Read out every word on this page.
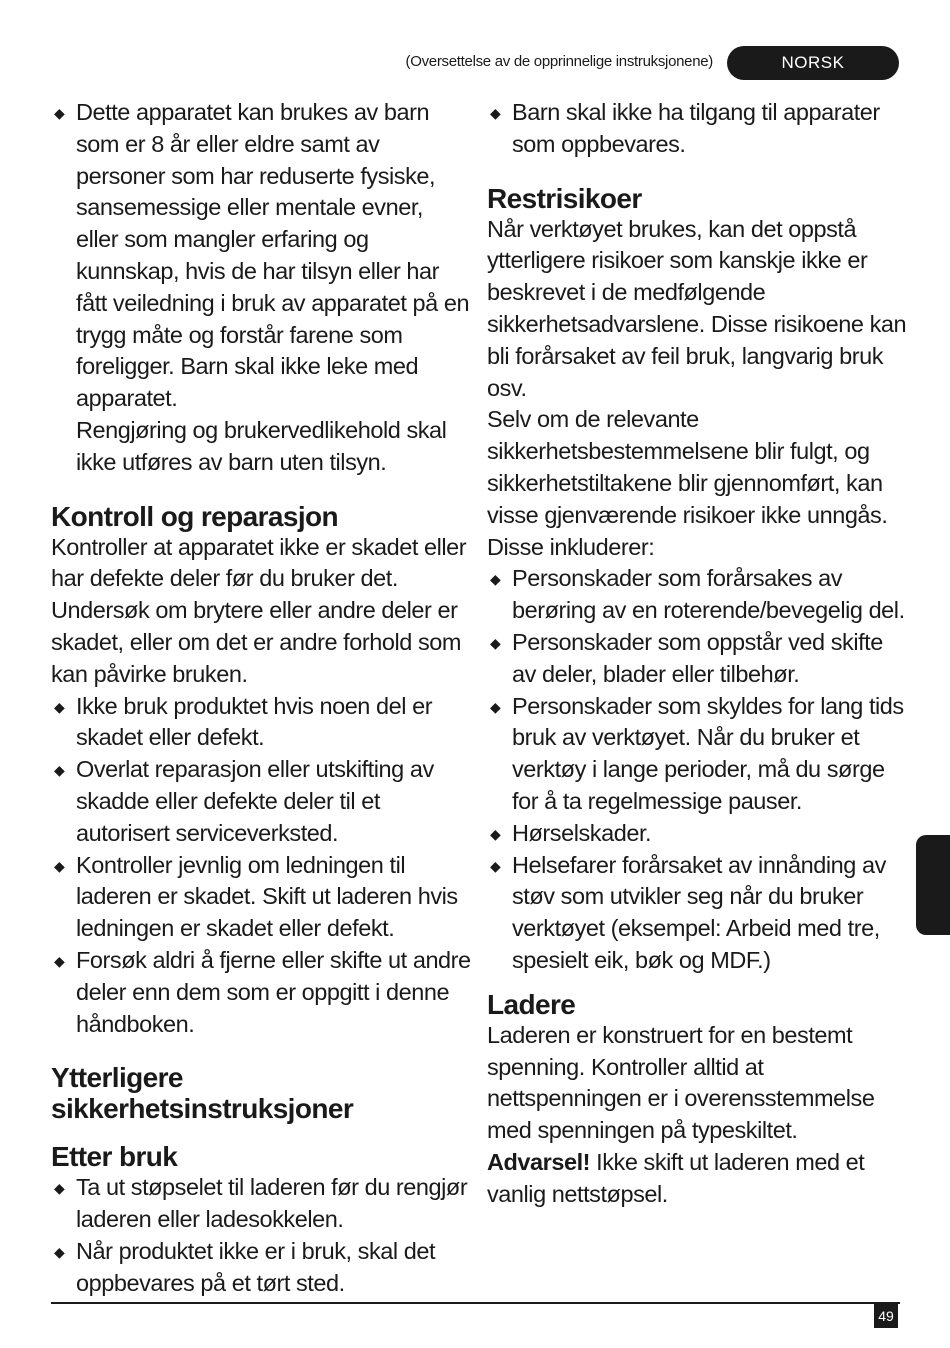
(Oversettelse av de opprinnelige instruksjonene)	NORSK
◆ Dette apparatet kan brukes av barn som er 8 år eller eldre samt av personer som har reduserte fysiske, sansemessige eller mentale evner, eller som mangler erfaring og kunnskap, hvis de har tilsyn eller har fått veiledning i bruk av apparatet på en trygg måte og forstår farene som foreligger. Barn skal ikke leke med apparatet.
Rengjøring og brukervedlikehold skal ikke utføres av barn uten tilsyn.
Kontroll og reparasjon

Kontroller at apparatet ikke er skadet eller har defekte deler før du bruker det. Undersøk om brytere eller andre deler er skadet, eller om det er andre forhold som kan påvirke bruken.

◆ Ikke bruk produktet hvis noen del er skadet eller defekt.
◆ Overlat reparasjon eller utskifting av skadde eller defekte deler til et autorisert serviceverksted.
◆ Kontroller jevnlig om ledningen til laderen er skadet. Skift ut laderen hvis ledningen er skadet eller defekt.
◆ Forsøk aldri å fjerne eller skifte ut andre deler enn dem som er oppgitt i denne håndboken.
Ytterligere sikkerhetsinstruksjoner
Etter bruk
◆ Ta ut støpselet til laderen før du rengjør laderen eller ladesokkelen.
◆ Når produktet ikke er i bruk, skal det oppbevares på et tørt sted.
◆ Barn skal ikke ha tilgang til apparater som oppbevares.
Restrisikoer

Når verktøyet brukes, kan det oppstå ytterligere risikoer som kanskje ikke er beskrevet i de medfølgende sikkerhetsadvarslene. Disse risikoene kan bli forårsaket av feil bruk, langvarig bruk osv.

Selv om de relevante sikkerhetsbestemmelsene blir fulgt, og sikkerhetstiltakene blir gjennomført, kan visse gjenværende risikoer ikke unngås. Disse inkluderer:

◆ Personskader som forårsakes av berøring av en roterende/bevegelig del.
◆ Personskader som oppstår ved skifte av deler, blader eller tilbehør.
◆ Personskader som skyldes for lang tids bruk av verktøyet. Når du bruker et verktøy i lange perioder, må du sørge for å ta regelmessige pauser.
◆ Hørselskader.
◆ Helsefarer forårsaket av innånding av støv som utvikler seg når du bruker verktøyet (eksempel: Arbeid med tre, spesielt eik, bøk og MDF.)
Ladere

Laderen er konstruert for en bestemt spenning. Kontroller alltid at nettspenningen er i overensstemmelse med spenningen på typeskiltet.

Advarsel! Ikke skift ut laderen med et vanlig nettstøpsel.

49
